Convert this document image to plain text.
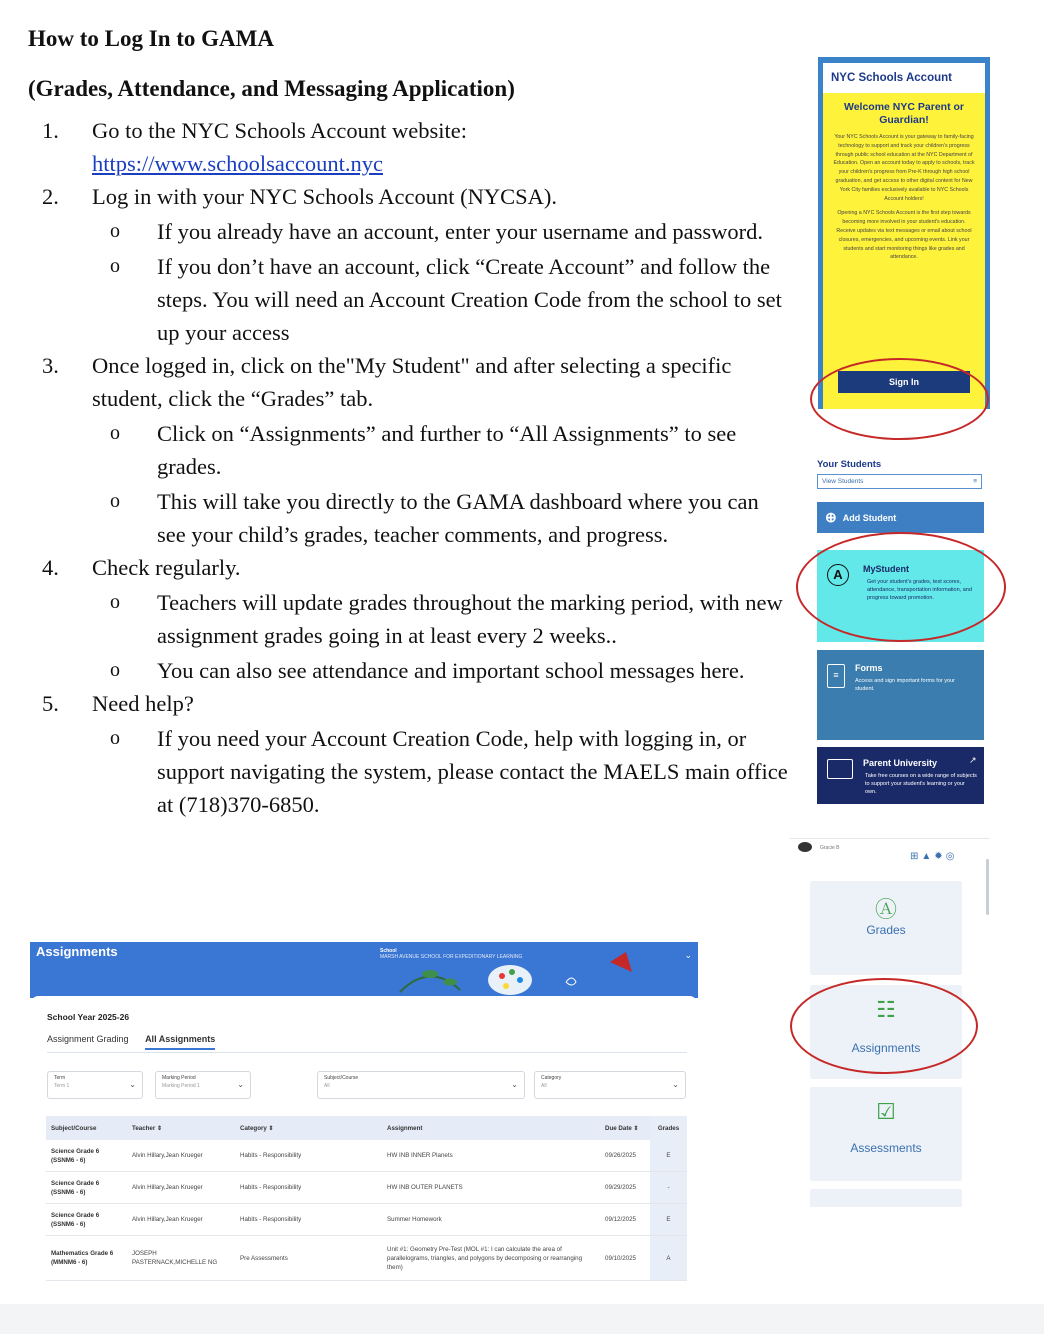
How to Log In to GAMA
(Grades, Attendance, and Messaging Application)
1. Go to the NYC Schools Account website:
https://www.schoolsaccount.nyc
2. Log in with your NYC Schools Account (NYCSA).
o If you already have an account, enter your username and password.
o If you don’t have an account, click “Create Account” and follow the steps. You will need an Account Creation Code from the school to set up your access
3. Once logged in, click on the"My Student" and after selecting a specific student, click the “Grades” tab.
o Click on “Assignments” and further to “All Assignments” to see grades.
o This will take you directly to the GAMA dashboard where you can see your child’s grades, teacher comments, and progress.
4. Check regularly.
o Teachers will update grades throughout the marking period, with new assignment grades going in at least every 2 weeks..
o You can also see attendance and important school messages here.
5. Need help?
o If you need your Account Creation Code, help with logging in, or support navigating the system, please contact the MAELS main office at (718)370-6850.
NYC Schools Account
Welcome NYC Parent or Guardian!
Your NYC Schools Account is your gateway to family-facing technology to support and track your children's progress through public school education at the NYC Department of Education. Open an account today to apply to schools, track your children's progress from Pre-K through high school graduation, and get access to other digital content for New York City families exclusively available to NYC Schools Account holders!
Opening a NYC Schools Account is the first step towards becoming more involved in your student's education. Receive updates via text messages or email about school closures, emergencies, and upcoming events. Link your students and start monitoring things like grades and attendance.
Sign In
Your Students
View Students	≡
⊕ Add Student
A	MyStudent
Get your student's grades, test scores, attendance, transportation information, and progress toward promotion.
≡
Forms
Access and sign important forms for your student.
Parent University	↗
Take free courses on a wide range of subjects to support your student's learning or your own.
Gracie B
⊞▲✹◎
Ⓐ
Grades
☷
Assignments
☑
Assessments
Assignments	School
MARSH AVENUE SCHOOL FOR EXPEDITIONARY LEARNING	⌄
School Year 2025-26
Assignment Grading All Assignments
Term
Term 1	⌄
Marking Period
Marking Period 1	⌄
Subject/Course
All	⌄
Category
All	⌄
Subject/Course	Teacher ⇕	Category ⇕	Assignment	Due Date ⇕	Grades
Science Grade 6 (SSNM6 - 6)	Alvin Hillary,Jean Krueger	Habits - Responsibility	HW INB INNER Planets	09/26/2025	E
Science Grade 6 (SSNM6 - 6)	Alvin Hillary,Jean Krueger	Habits - Responsibility	HW INB OUTER PLANETS	09/29/2025	-
Science Grade 6 (SSNM6 - 6)	Alvin Hillary,Jean Krueger	Habits - Responsibility	Summer Homework	09/12/2025	E
Mathematics Grade 6 (MMNM6 - 6)	JOSEPH PASTERNACK,MICHELLE NG	Pre Assessments	Unit #1: Geometry Pre-Test (MOL #1: I can calculate the area of parallelograms, triangles, and polygons by decomposing or rearranging them)	09/10/2025	A
